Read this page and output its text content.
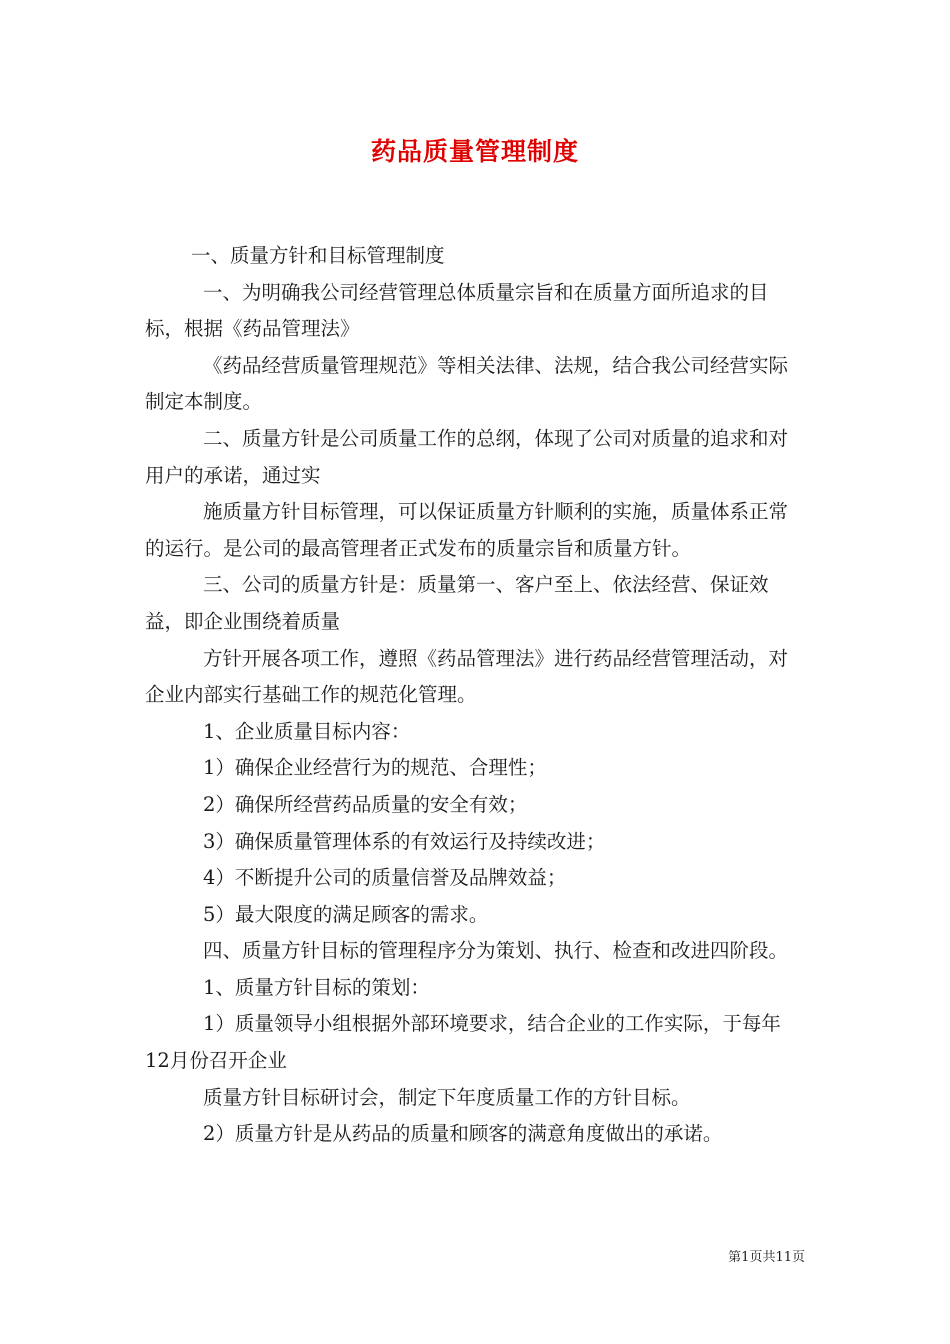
药品质量管理制度

一、质量方针和目标管理制度

一、为明确我公司经营管理总体质量宗旨和在质量方面所追求的目标，根据《药品管理法》

《药品经营质量管理规范》等相关法律、法规，结合我公司经营实际制定本制度。

二、质量方针是公司质量工作的总纲，体现了公司对质量的追求和对用户的承诺，通过实

施质量方针目标管理，可以保证质量方针顺利的实施，质量体系正常的运行。是公司的最高管理者正式发布的质量宗旨和质量方针。

三、公司的质量方针是：质量第一、客户至上、依法经营、保证效益，即企业围绕着质量

方针开展各项工作，遵照《药品管理法》进行药品经营管理活动，对企业内部实行基础工作的规范化管理。

1、企业质量目标内容：

1）确保企业经营行为的规范、合理性；

2）确保所经营药品质量的安全有效；

3）确保质量管理体系的有效运行及持续改进；

4）不断提升公司的质量信誉及品牌效益；

5）最大限度的满足顾客的需求。

四、质量方针目标的管理程序分为策划、执行、检查和改进四阶段。

1、质量方针目标的策划：

1）质量领导小组根据外部环境要求，结合企业的工作实际，于每年12月份召开企业

质量方针目标研讨会，制定下年度质量工作的方针目标。

2）质量方针是从药品的质量和顾客的满意角度做出的承诺。

第1页共11页
